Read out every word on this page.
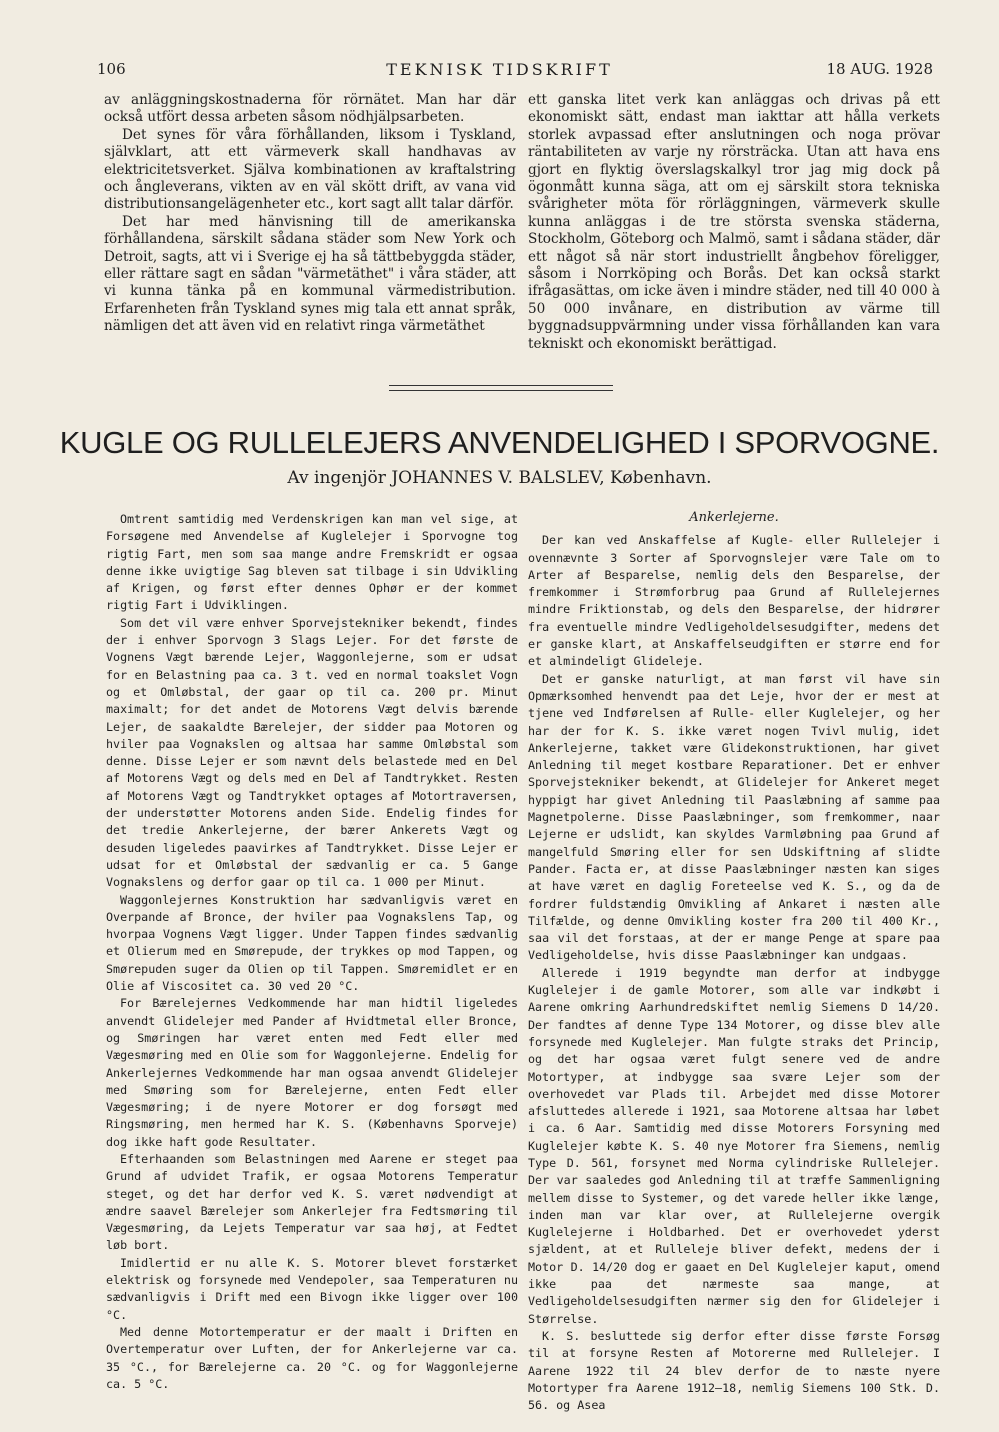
106	TEKNISK TIDSKRIFT	18 AUG. 1928

av anläggningskostnaderna för rörnätet. Man har där också utfört dessa arbeten såsom nödhjälpsarbeten.

Det synes för våra förhållanden, liksom i Tyskland, självklart, att ett värmeverk skall handhavas av elektricitetsverket. Själva kombinationen av kraftalstring och ångleverans, vikten av en väl skött drift, av vana vid distributionsangelägenheter etc., kort sagt allt talar därför.

Det har med hänvisning till de amerikanska förhållandena, särskilt sådana städer som New York och Detroit, sagts, att vi i Sverige ej ha så tättbebyggda städer, eller rättare sagt en sådan "värmetäthet" i våra städer, att vi kunna tänka på en kommunal värmedistribution. Erfarenheten från Tyskland synes mig tala ett annat språk, nämligen det att även vid en relativt ringa värmetäthet

ett ganska litet verk kan anläggas och drivas på ett ekonomiskt sätt, endast man iakttar att hålla verkets storlek avpassad efter anslutningen och noga prövar räntabiliteten av varje ny rörsträcka. Utan att hava ens gjort en flyktig överslagskalkyl tror jag mig dock på ögonmått kunna säga, att om ej särskilt stora tekniska svårigheter möta för rörläggningen, värmeverk skulle kunna anläggas i de tre största svenska städerna, Stockholm, Göteborg och Malmö, samt i sådana städer, där ett något så när stort industriellt ångbehov föreligger, såsom i Norrköping och Borås. Det kan också starkt ifrågasättas, om icke även i mindre städer, ned till 40 000 à 50 000 invånare, en distribution av värme till byggnadsuppvärmning under vissa förhållanden kan vara tekniskt och ekonomiskt berättigad.

KUGLE OG RULLELEJERS ANVENDELIGHED I SPORVOGNE.
Av ingenjör JOHANNES V. BALSLEV, København.

Omtrent samtidig med Verdenskrigen kan man vel sige, at Forsøgene med Anvendelse af Kuglelejer i Sporvogne tog rigtig Fart, men som saa mange andre Fremskridt er ogsaa denne ikke uvigtige Sag bleven sat tilbage i sin Udvikling af Krigen, og først efter dennes Ophør er der kommet rigtig Fart i Udviklingen.

Som det vil være enhver Sporvejstekniker bekendt, findes der i enhver Sporvogn 3 Slags Lejer. For det første de Vognens Vægt bærende Lejer, Waggonlejerne, som er udsat for en Belastning paa ca. 3 t. ved en normal toakslet Vogn og et Omløbstal, der gaar op til ca. 200 pr. Minut maximalt; for det andet de Motorens Vægt delvis bærende Lejer, de saakaldte Bærelejer, der sidder paa Motoren og hviler paa Vognakslen og altsaa har samme Omløbstal som denne. Disse Lejer er som nævnt dels belastede med en Del af Motorens Vægt og dels med en Del af Tandtrykket. Resten af Motorens Vægt og Tandtrykket optages af Motortraversen, der understøtter Motorens anden Side. Endelig findes for det tredie Ankerlejerne, der bærer Ankerets Vægt og desuden ligeledes paavirkes af Tandtrykket. Disse Lejer er udsat for et Omløbstal der sædvanlig er ca. 5 Gange Vognakslens og derfor gaar op til ca. 1 000 per Minut.

Waggonlejernes Konstruktion har sædvanligvis været en Overpande af Bronce, der hviler paa Vognakslens Tap, og hvorpaa Vognens Vægt ligger. Under Tappen findes sædvanlig et Olierum med en Smørepude, der trykkes op mod Tappen, og Smørepuden suger da Olien op til Tappen. Smøremidlet er en Olie af Viscositet ca. 30 ved 20 °C.

For Bærelejernes Vedkommende har man hidtil ligeledes anvendt Glidelejer med Pander af Hvidtmetal eller Bronce, og Smøringen har været enten med Fedt eller med Vægesmøring med en Olie som for Waggonlejerne. Endelig for Ankerlejernes Vedkommende har man ogsaa anvendt Glidelejer med Smøring som for Bærelejerne, enten Fedt eller Vægesmøring; i de nyere Motorer er dog forsøgt med Ringsmøring, men hermed har K. S. (Københavns Sporveje) dog ikke haft gode Resultater.

Efterhaanden som Belastningen med Aarene er steget paa Grund af udvidet Trafik, er ogsaa Motorens Temperatur steget, og det har derfor ved K. S. været nødvendigt at ændre saavel Bærelejer som Ankerlejer fra Fedtsmøring til Vægesmøring, da Lejets Temperatur var saa høj, at Fedtet løb bort.

Imidlertid er nu alle K. S. Motorer blevet forstærket elektrisk og forsynede med Vendepoler, saa Temperaturen nu sædvanligvis i Drift med een Bivogn ikke ligger over 100 °C.

Med denne Motortemperatur er der maalt i Driften en Overtemperatur over Luften, der for Ankerlejerne var ca. 35 °C., for Bærelejerne ca. 20 °C. og for Waggonlejerne ca. 5 °C.

Ankerlejerne.

Der kan ved Anskaffelse af Kugle- eller Rullelejer i ovennævnte 3 Sorter af Sporvognslejer være Tale om to Arter af Besparelse, nemlig dels den Besparelse, der fremkommer i Strømforbrug paa Grund af Rullelejernes mindre Friktionstab, og dels den Besparelse, der hidrører fra eventuelle mindre Vedligeholdelsesudgifter, medens det er ganske klart, at Anskaffelseudgiften er større end for et almindeligt Glideleje.

Det er ganske naturligt, at man først vil have sin Opmærksomhed henvendt paa det Leje, hvor der er mest at tjene ved Indførelsen af Rulle- eller Kuglelejer, og her har der for K. S. ikke været nogen Tvivl mulig, idet Ankerlejerne, takket være Glidekonstruktionen, har givet Anledning til meget kostbare Reparationer. Det er enhver Sporvejstekniker bekendt, at Glidelejer for Ankeret meget hyppigt har givet Anledning til Paaslæbning af samme paa Magnetpolerne. Disse Paaslæbninger, som fremkommer, naar Lejerne er udslidt, kan skyldes Varmløbning paa Grund af mangelfuld Smøring eller for sen Udskiftning af slidte Pander. Facta er, at disse Paaslæbninger næsten kan siges at have været en daglig Foreteelse ved K. S., og da de fordrer fuldstændig Omvikling af Ankaret i næsten alle Tilfælde, og denne Omvikling koster fra 200 til 400 Kr., saa vil det forstaas, at der er mange Penge at spare paa Vedligeholdelse, hvis disse Paaslæbninger kan undgaas.

Allerede i 1919 begyndte man derfor at indbygge Kuglelejer i de gamle Motorer, som alle var indkøbt i Aarene omkring Aarhundredskiftet nemlig Siemens D 14/20. Der fandtes af denne Type 134 Motorer, og disse blev alle forsynede med Kuglelejer. Man fulgte straks det Princip, og det har ogsaa været fulgt senere ved de andre Motortyper, at indbygge saa svære Lejer som der overhovedet var Plads til. Arbejdet med disse Motorer afsluttedes allerede i 1921, saa Motorene altsaa har løbet i ca. 6 Aar. Samtidig med disse Motorers Forsyning med Kuglelejer købte K. S. 40 nye Motorer fra Siemens, nemlig Type D. 561, forsynet med Norma cylindriske Rullelejer. Der var saaledes god Anledning til at træffe Sammenligning mellem disse to Systemer, og det varede heller ikke længe, inden man var klar over, at Rullelejerne overgik Kuglelejerne i Holdbarhed. Det er overhovedet yderst sjældent, at et Rulleleje bliver defekt, medens der i Motor D. 14/20 dog er gaaet en Del Kuglelejer kaput, omend ikke paa det nærmeste saa mange, at Vedligeholdelsesudgiften nærmer sig den for Glidelejer i Størrelse.

K. S. besluttede sig derfor efter disse første Forsøg til at forsyne Resten af Motorerne med Rullelejer. I Aarene 1922 til 24 blev derfor de to næste nyere Motortyper fra Aarene 1912—18, nemlig Siemens 100 Stk. D. 56. og Asea
